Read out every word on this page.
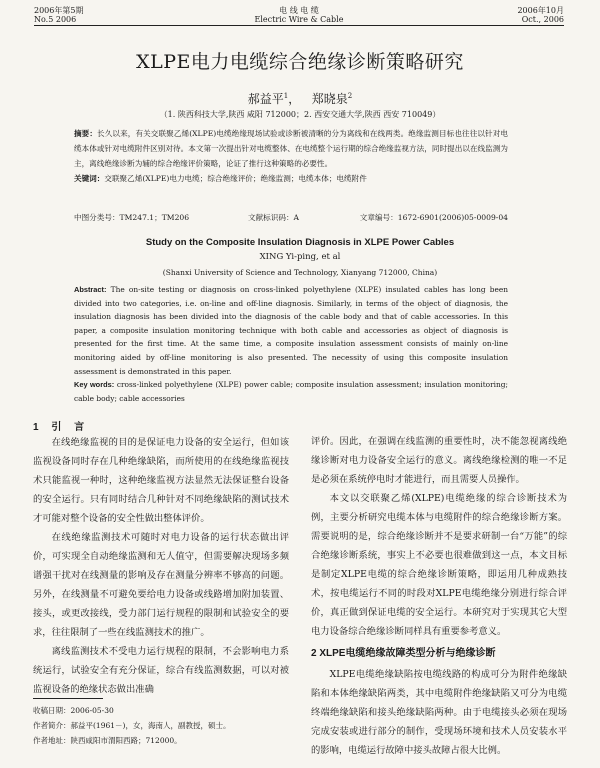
2006年第5期
No.5 2006
电 线 电 缆
Electric Wire & Cable
2006年10月
Oct., 2006
XLPE电力电缆综合绝缘诊断策略研究
郝益平$^1$， 郑晓泉$^2$
（1. 陕西科技大学,陕西 咸阳 712000；2. 西安交通大学,陕西 西安 710049）
摘要：长久以来，有关交联聚乙烯(XLPE)电缆绝缘现场试验或诊断被清晰的分为离线和在线两类。绝缘监测目标也往往以针对电缆本体或针对电缆附件区别对待。本文第一次提出针对电缆整体、在电缆整个运行期的综合绝缘监视方法，同时提出以在线监测为主，离线绝缘诊断为辅的综合绝缘评价策略，论证了推行这种策略的必要性。
关键词：交联聚乙烯(XLPE)电力电缆；综合绝缘评价；绝缘监测；电缆本体；电缆附件
中图分类号：TM247.1；TM206	文献标识码：A	文章编号：1672-6901(2006)05-0009-04
Study on the Composite Insulation Diagnosis in XLPE Power Cables
XING Yi-ping, et al
(Shanxi University of Science and Technology, Xianyang 712000, China)
Abstract: The on-site testing or diagnosis on cross-linked polyethylene (XLPE) insulated cables has long been divided into two categories, i.e. on-line and off-line diagnosis. Similarly, in terms of the object of diagnosis, the insulation diagnosis has been divided into the diagnosis of the cable body and that of cable accessories. In this paper, a composite insulation monitoring technique with both cable and accessories as object of diagnosis is presented for the first time. At the same time, a composite insulation assessment consists of mainly on-line monitoring aided by off-line monitoring is also presented. The necessity of using this composite insulation assessment is demonstrated in this paper.
Key words: cross-linked polyethylene (XLPE) power cable; composite insulation assessment; insulation monitoring; cable body; cable accessories
1 引 言

在线绝缘监视的目的是保证电力设备的安全运行，但如该监视设备同时存在几种绝缘缺陷，而所使用的在线绝缘监视技术只能监视一种时，这种绝缘监视方法显然无法保证整台设备的安全运行。只有同时结合几种针对不同绝缘缺陷的测试技术才可能对整个设备的安全性做出整体评价。

在线绝缘监测技术可随时对电力设备的运行状态做出评价，可实现全自动绝缘监测和无人值守，但需要解决现场多频谱强干扰对在线测量的影响及存在测量分辨率不够高的问题。另外，在线测量不可避免要给电力设备或线路增加附加装置、接头，或更改接线，受力部门运行规程的限制和试验安全的要求，往往限制了一些在线监测技术的推广。

离线监测技术不受电力运行规程的限制，不会影响电力系统运行，试验安全有充分保证，综合有线监测数据，可以对被监视设备的绝缘状态做出准确

评价。因此，在强调在线监测的重要性时，决不能忽视离线绝缘诊断对电力设备安全运行的意义。离线绝缘检测的唯一不足是必须在系统停电时才能进行，而且需要人员操作。

本文以交联聚乙烯(XLPE)电缆绝缘的综合诊断技术为例，主要分析研究电缆本体与电缆附件的综合绝缘诊断方案。需要说明的是，综合绝缘诊断并不是要求研制一台“万能”的综合绝缘诊断系统，事实上不必要也很难做到这一点，本文目标是制定XLPE电缆的综合绝缘诊断策略，即运用几种成熟技术，按电缆运行不同的时段对XLPE电缆绝缘分别进行综合评价，真正做到保证电缆的安全运行。本研究对于实现其它大型电力设备综合绝缘诊断同样具有重要参考意义。

2 XLPE电缆绝缘故障类型分析与绝缘诊断

XLPE电缆绝缘缺陷按电缆线路的构成可分为附件绝缘缺陷和本体绝缘缺陷两类，其中电缆附件绝缘缺陷又可分为电缆终端绝缘缺陷和接头绝缘缺陷两种。由于电缆接头必须在现场完成安装或进行部分的制作，受现场环境和技术人员安装水平的影响，电缆运行故障中接头故障占很大比例。

收稿日期：2006-05-30
作者简介：郝益平(1961－)，女，海南人，副教授，硕士。
作者地址：陕西咸阳市渭阳西路；712000。
